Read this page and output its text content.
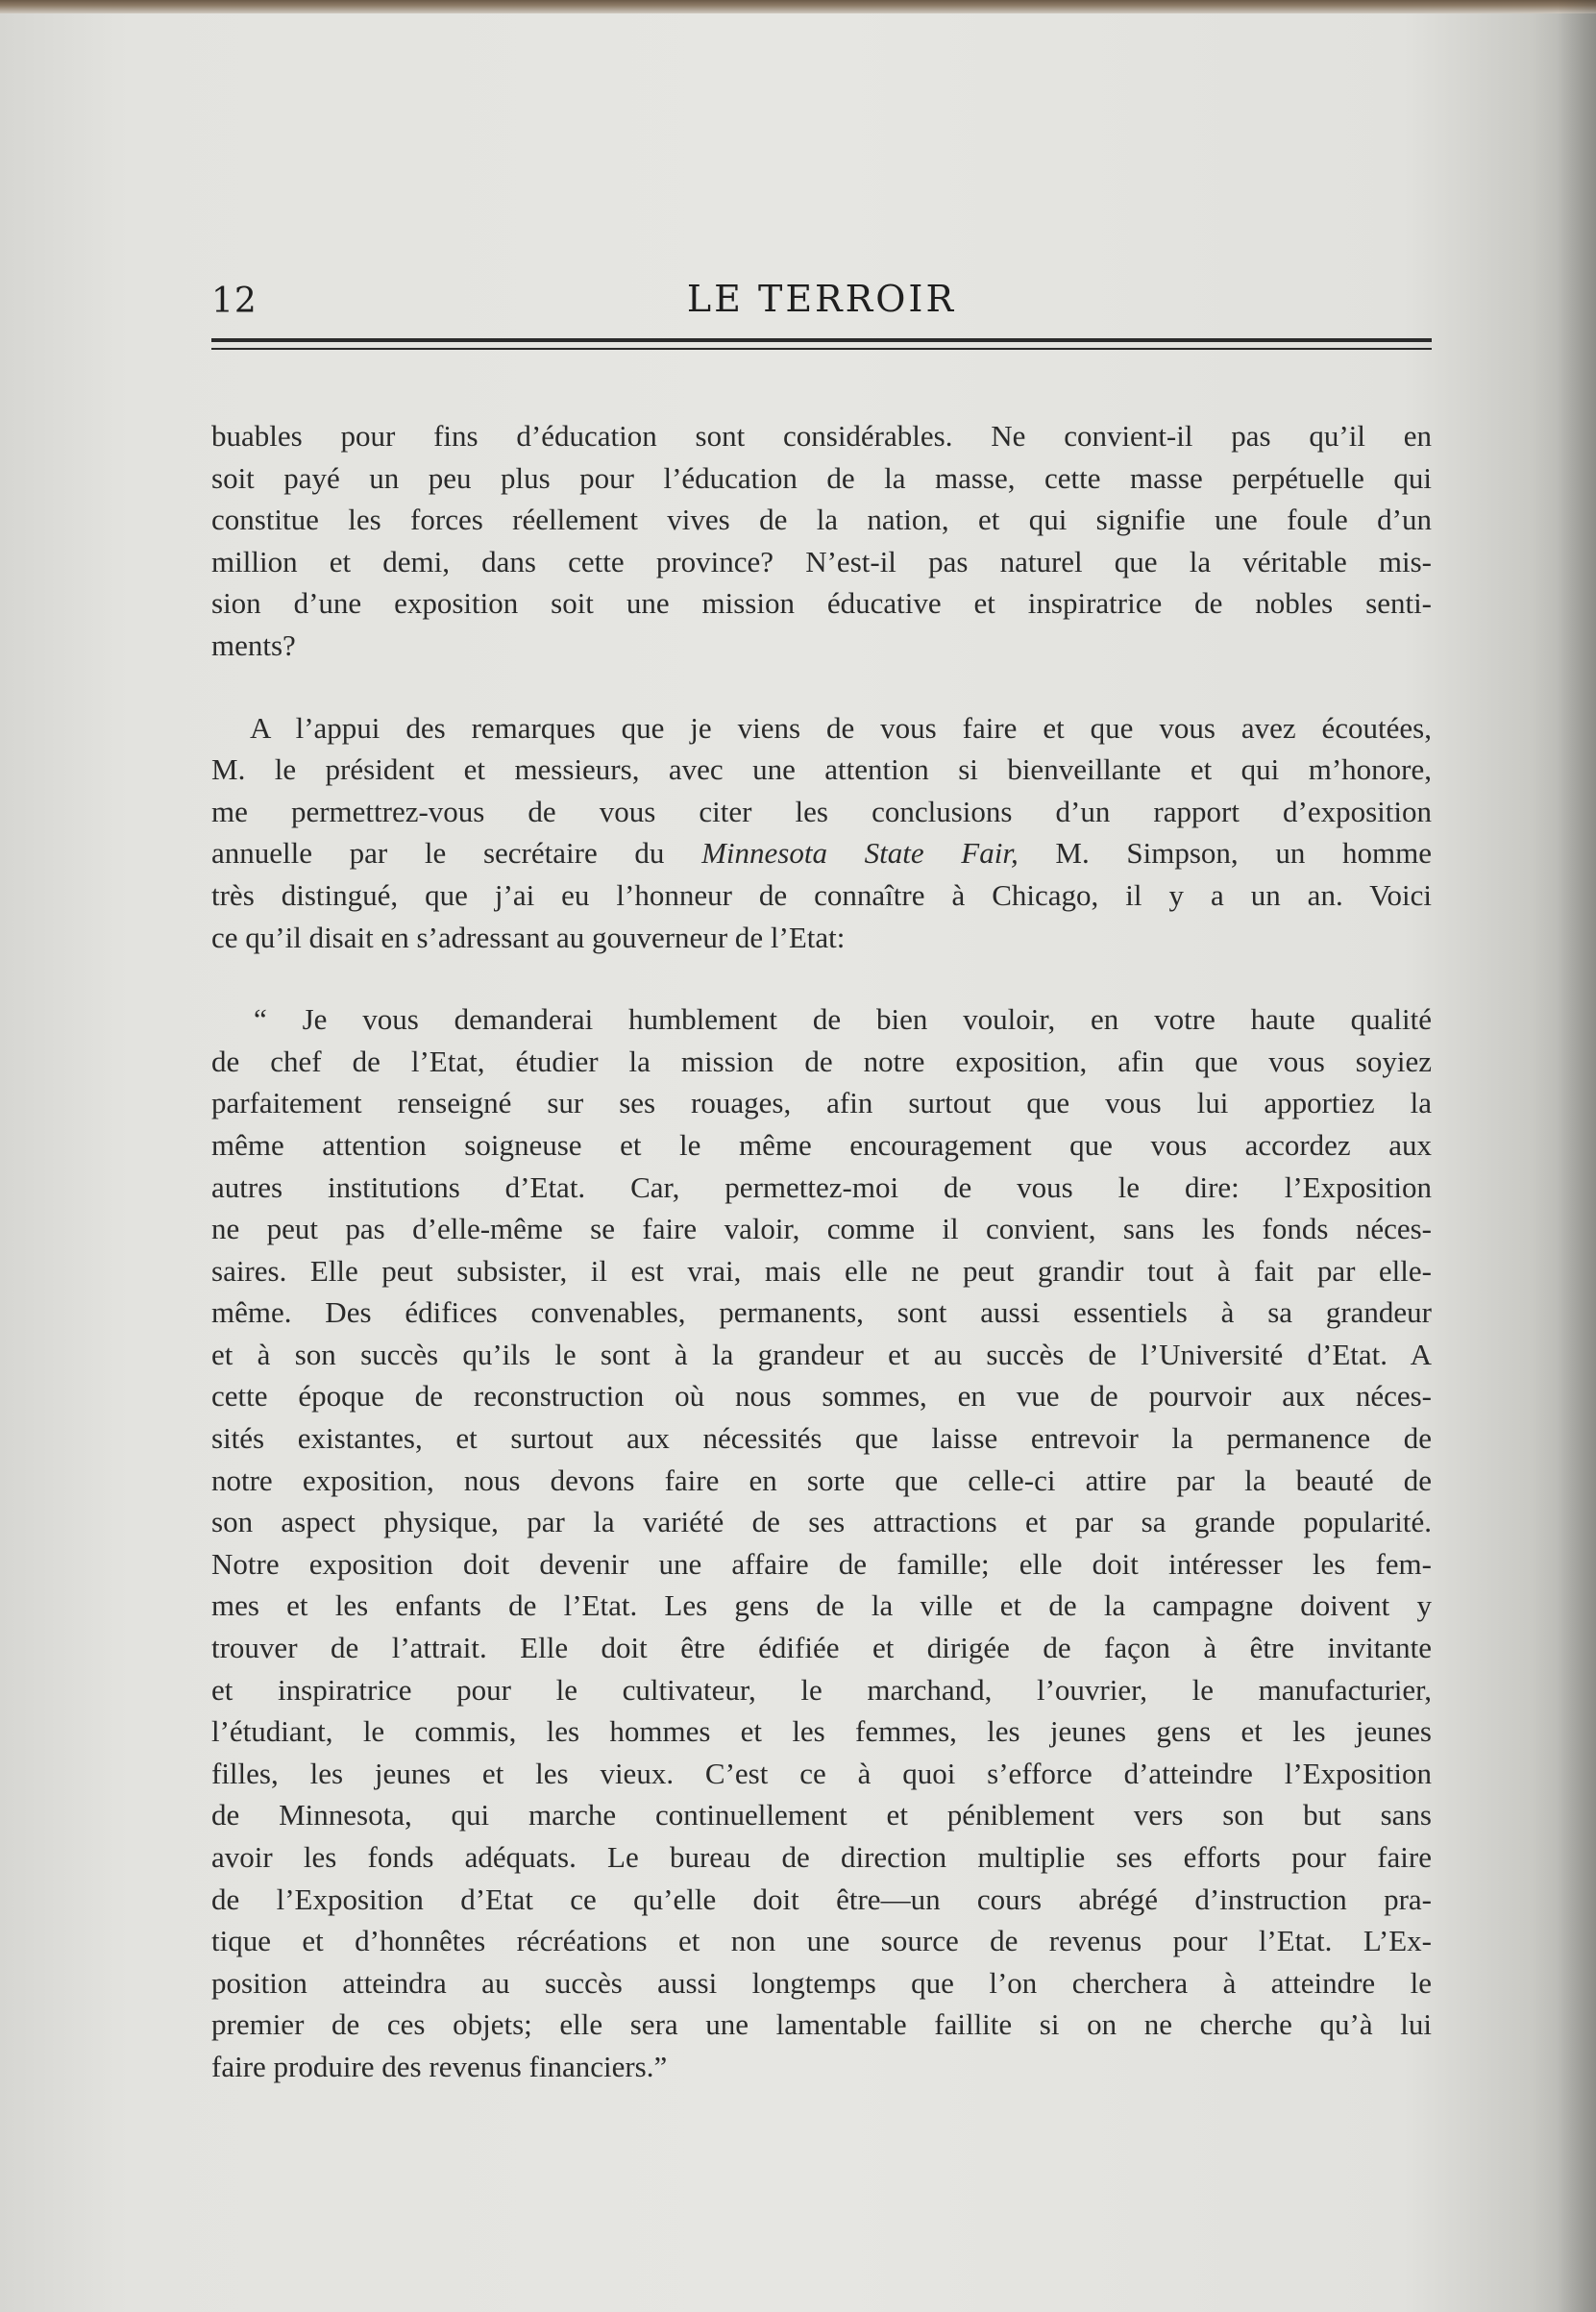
12	LE TERROIR
buables pour fins d’éducation sont considérables. Ne convient-il pas qu’il en
soit payé un peu plus pour l’éducation de la masse, cette masse perpétuelle qui
constitue les forces réellement vives de la nation, et qui signifie une foule d’un
million et demi, dans cette province? N’est-il pas naturel que la véritable mis-
sion d’une exposition soit une mission éducative et inspiratrice de nobles senti-
ments?
A l’appui des remarques que je viens de vous faire et que vous avez écoutées,
M. le président et messieurs, avec une attention si bienveillante et qui m’honore,
me permettrez-vous de vous citer les conclusions d’un rapport d’exposition
annuelle par le secrétaire du Minnesota State Fair, M. Simpson, un homme
très distingué, que j’ai eu l’honneur de connaître à Chicago, il y a un an. Voici
ce qu’il disait en s’adressant au gouverneur de l’Etat:
“ Je vous demanderai humblement de bien vouloir, en votre haute qualité
de chef de l’Etat, étudier la mission de notre exposition, afin que vous soyiez
parfaitement renseigné sur ses rouages, afin surtout que vous lui apportiez la
même attention soigneuse et le même encouragement que vous accordez aux
autres institutions d’Etat. Car, permettez-moi de vous le dire: l’Exposition
ne peut pas d’elle-même se faire valoir, comme il convient, sans les fonds néces-
saires. Elle peut subsister, il est vrai, mais elle ne peut grandir tout à fait par elle-
même. Des édifices convenables, permanents, sont aussi essentiels à sa grandeur
et à son succès qu’ils le sont à la grandeur et au succès de l’Université d’Etat. A
cette époque de reconstruction où nous sommes, en vue de pourvoir aux néces-
sités existantes, et surtout aux nécessités que laisse entrevoir la permanence de
notre exposition, nous devons faire en sorte que celle-ci attire par la beauté de
son aspect physique, par la variété de ses attractions et par sa grande popularité.
Notre exposition doit devenir une affaire de famille; elle doit intéresser les fem-
mes et les enfants de l’Etat. Les gens de la ville et de la campagne doivent y
trouver de l’attrait. Elle doit être édifiée et dirigée de façon à être invitante
et inspiratrice pour le cultivateur, le marchand, l’ouvrier, le manufacturier,
l’étudiant, le commis, les hommes et les femmes, les jeunes gens et les jeunes
filles, les jeunes et les vieux. C’est ce à quoi s’efforce d’atteindre l’Exposition
de Minnesota, qui marche continuellement et péniblement vers son but sans
avoir les fonds adéquats. Le bureau de direction multiplie ses efforts pour faire
de l’Exposition d’Etat ce qu’elle doit être—un cours abrégé d’instruction pra-
tique et d’honnêtes récréations et non une source de revenus pour l’Etat. L’Ex-
position atteindra au succès aussi longtemps que l’on cherchera à atteindre le
premier de ces objets; elle sera une lamentable faillite si on ne cherche qu’à lui
faire produire des revenus financiers.”
